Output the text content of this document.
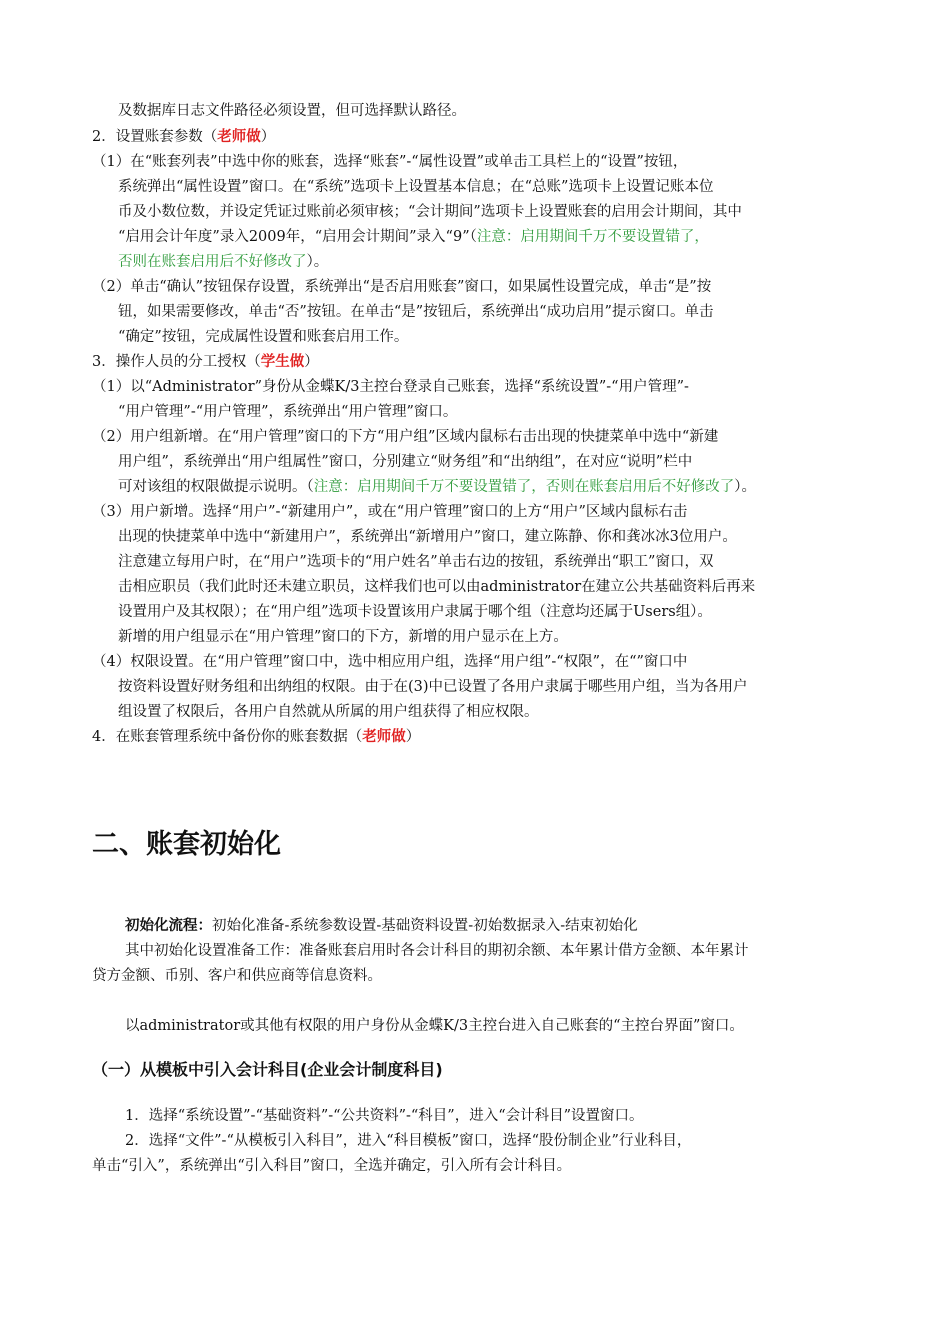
及数据库日志文件路径必须设置，但可选择默认路径。
2．设置账套参数（老师做）
（1）在“账套列表”中选中你的账套，选择“账套”-“属性设置”或单击工具栏上的“设置”按钮，
系统弹出“属性设置”窗口。在“系统”选项卡上设置基本信息；在“总账”选项卡上设置记账本位
币及小数位数，并设定凭证过账前必须审核；“会计期间”选项卡上设置账套的启用会计期间，其中
“启用会计年度”录入2009年，“启用会计期间”录入“9”（注意：启用期间千万不要设置错了，
否则在账套启用后不好修改了）。
（2）单击“确认”按钮保存设置，系统弹出“是否启用账套”窗口，如果属性设置完成，单击“是”按
钮，如果需要修改，单击“否”按钮。在单击“是”按钮后，系统弹出“成功启用”提示窗口。单击
“确定”按钮，完成属性设置和账套启用工作。
3．操作人员的分工授权（学生做）
（1）以“Administrator”身份从金蝶K/3主控台登录自己账套，选择“系统设置”-“用户管理”-
“用户管理”-“用户管理”，系统弹出“用户管理”窗口。
（2）用户组新增。在“用户管理”窗口的下方“用户组”区域内鼠标右击出现的快捷菜单中选中“新建
用户组”，系统弹出“用户组属性”窗口，分别建立“财务组”和“出纳组”，在对应“说明”栏中
可对该组的权限做提示说明。（注意：启用期间千万不要设置错了，否则在账套启用后不好修改了）。
（3）用户新增。选择“用户”-“新建用户”，或在“用户管理”窗口的上方“用户”区域内鼠标右击
出现的快捷菜单中选中“新建用户”，系统弹出“新增用户”窗口，建立陈静、你和龚冰冰3位用户。
注意建立每用户时，在“用户”选项卡的“用户姓名”单击右边的按钮，系统弹出“职工”窗口，双
击相应职员（我们此时还未建立职员，这样我们也可以由administrator在建立公共基础资料后再来
设置用户及其权限）；在“用户组”选项卡设置该用户隶属于哪个组（注意均还属于Users组）。
新增的用户组显示在“用户管理”窗口的下方，新增的用户显示在上方。
（4）权限设置。在“用户管理”窗口中，选中相应用户组，选择“用户组”-“权限”，在“”窗口中
按资料设置好财务组和出纳组的权限。由于在(3)中已设置了各用户隶属于哪些用户组，当为各用户
组设置了权限后，各用户自然就从所属的用户组获得了相应权限。
4．在账套管理系统中备份你的账套数据（老师做）
二、账套初始化
初始化流程：初始化准备-系统参数设置-基础资料设置-初始数据录入-结束初始化
其中初始化设置准备工作：准备账套启用时各会计科目的期初余额、本年累计借方金额、本年累计
贷方金额、币别、客户和供应商等信息资料。
以administrator或其他有权限的用户身份从金蝶K/3主控台进入自己账套的“主控台界面”窗口。
（一）从模板中引入会计科目(企业会计制度科目)
1．选择“系统设置”-“基础资料”-“公共资料”-“科目”，进入“会计科目”设置窗口。
2．选择“文件”-“从模板引入科目”，进入“科目模板”窗口，选择“股份制企业”行业科目，
单击“引入”，系统弹出“引入科目”窗口，全选并确定，引入所有会计科目。
